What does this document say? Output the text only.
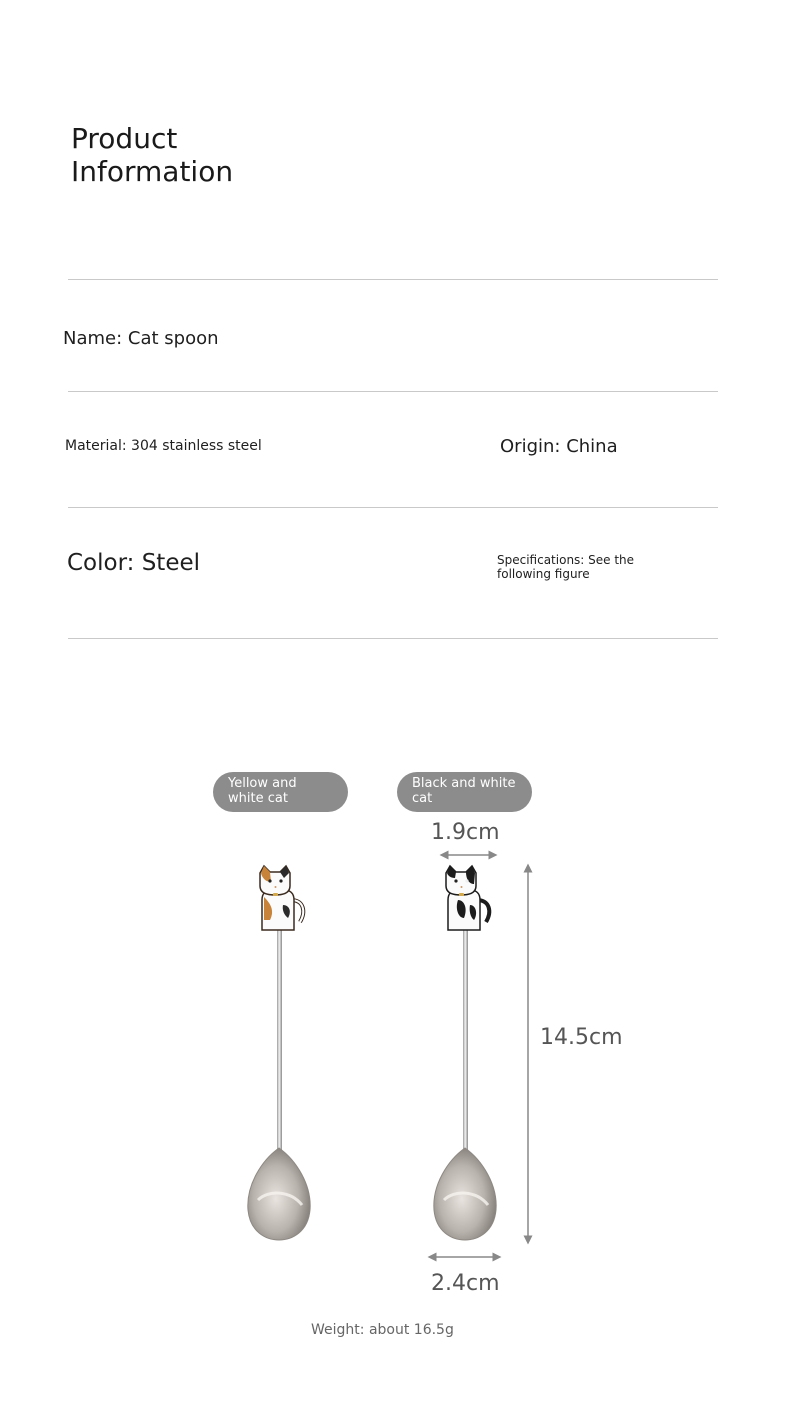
Product
Information
Name: Cat spoon
Material: 304 stainless steel	Origin: China
Color: Steel	Specifications: See the
following figure
Yellow and
white cat
Black and white
cat
1.9cm
14.5cm
2.4cm
Weight: about 16.5g
